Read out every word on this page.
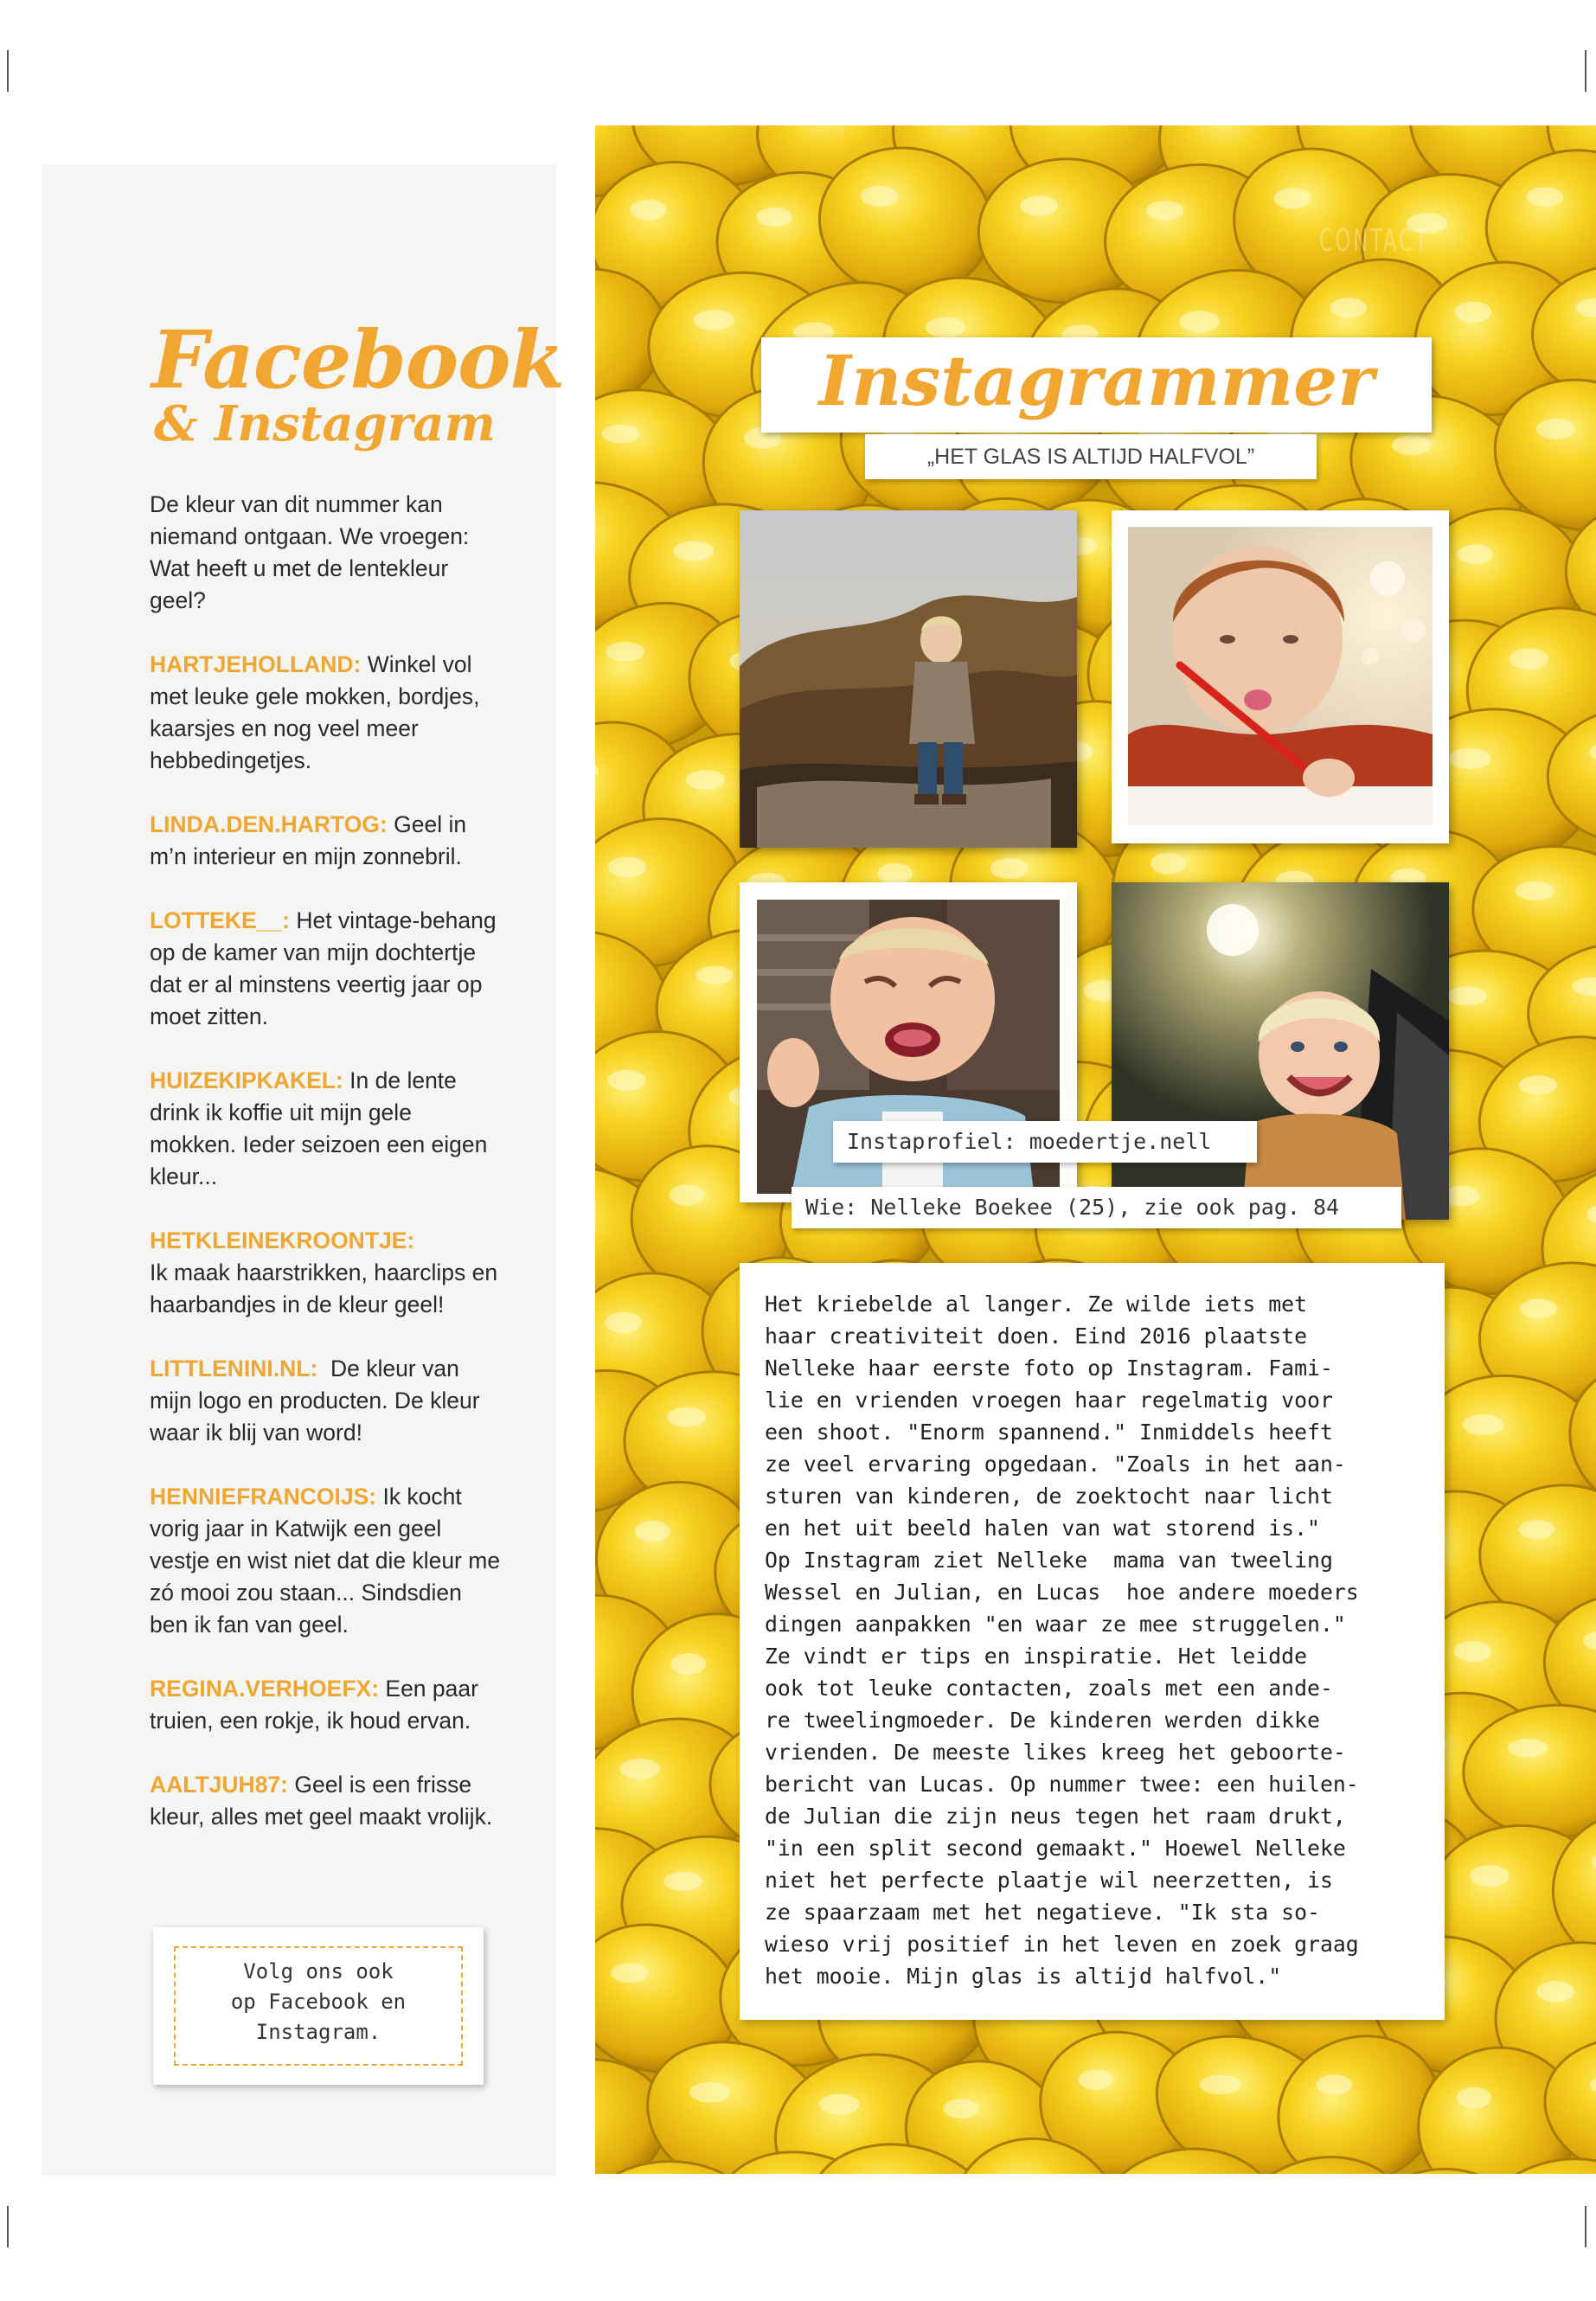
Facebook
& Instagram

De kleur van dit nummer kan niemand ontgaan. We vroegen: Wat heeft u met de lentekleur geel?

HARTJEHOLLAND: Winkel vol met leuke gele mokken, bordjes, kaarsjes en nog veel meer hebbedingetjes.

LINDA.DEN.HARTOG: Geel in m’n interieur en mijn zonnebril.

LOTTEKE__: Het vintage-behang op de kamer van mijn dochtertje dat er al minstens veertig jaar op moet zitten.

HUIZEKIPKAKEL: In de lente drink ik koffie uit mijn gele mokken. Ieder seizoen een eigen kleur...

HETKLEINEKROONTJE:
Ik maak haarstrikken, haarclips en haarbandjes in de kleur geel!

LITTLENINI.NL:  De kleur van mijn logo en producten. De kleur waar ik blij van word!

HENNIEFRANCOIJS: Ik kocht vorig jaar in Katwijk een geel vestje en wist niet dat die kleur me zó mooi zou staan... Sindsdien ben ik fan van geel.

REGINA.VERHOEFX: Een paar truien, een rokje, ik houd ervan.

AALTJUH87: Geel is een frisse kleur, alles met geel maakt vrolijk.

Volg ons ook
op Facebook en
Instagram.
CONTACT
Instagrammer
„HET GLAS IS ALTIJD HALFVOL”
Instaprofiel: moedertje.nell
Wie: Nelleke Boekee (25), zie ook pag. 84
Het kriebelde al langer. Ze wilde iets met
haar creativiteit doen. Eind 2016 plaatste
Nelleke haar eerste foto op Instagram. Fami-
lie en vrienden vroegen haar regelmatig voor
een shoot. "Enorm spannend." Inmiddels heeft
ze veel ervaring opgedaan. "Zoals in het aan-
sturen van kinderen, de zoektocht naar licht
en het uit beeld halen van wat storend is."
Op Instagram ziet Nelleke  mama van tweeling
Wessel en Julian, en Lucas  hoe andere moeders
dingen aanpakken "en waar ze mee struggelen."
Ze vindt er tips en inspiratie. Het leidde
ook tot leuke contacten, zoals met een ande-
re tweelingmoeder. De kinderen werden dikke
vrienden. De meeste likes kreeg het geboorte-
bericht van Lucas. Op nummer twee: een huilen-
de Julian die zijn neus tegen het raam drukt,
"in een split second gemaakt." Hoewel Nelleke
niet het perfecte plaatje wil neerzetten, is
ze spaarzaam met het negatieve. "Ik sta so-
wieso vrij positief in het leven en zoek graag
het mooie. Mijn glas is altijd halfvol."
